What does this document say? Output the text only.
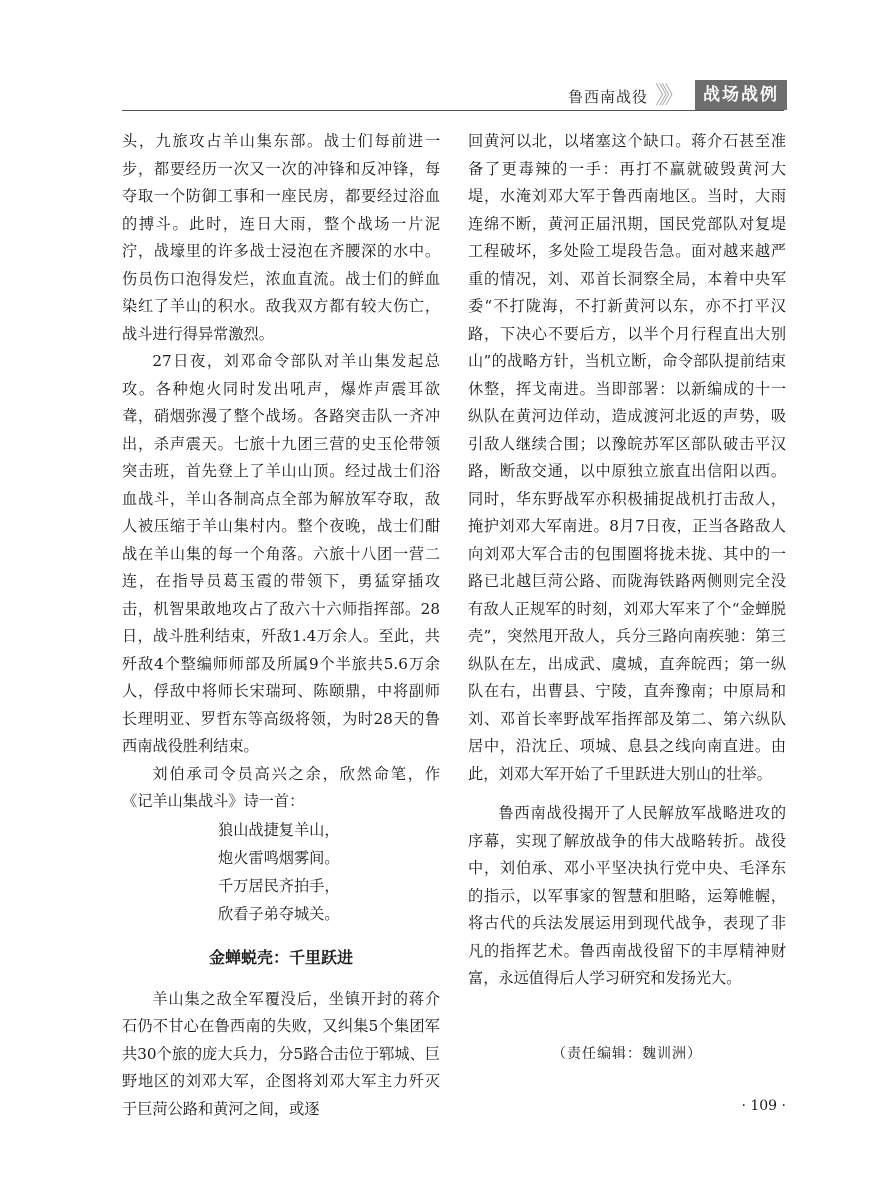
鲁西南战役 》》	战场战例

头，九旅攻占羊山集东部。战士们每前进一步，都要经历一次又一次的冲锋和反冲锋，每夺取一个防御工事和一座民房，都要经过浴血的搏斗。此时，连日大雨，整个战场一片泥泞，战壕里的许多战士浸泡在齐腰深的水中。伤员伤口泡得发烂，浓血直流。战士们的鲜血染红了羊山的积水。敌我双方都有较大伤亡，战斗进行得异常激烈。

27日夜，刘邓命令部队对羊山集发起总攻。各种炮火同时发出吼声，爆炸声震耳欲聋，硝烟弥漫了整个战场。各路突击队一齐冲出，杀声震天。七旅十九团三营的史玉伦带领突击班，首先登上了羊山山顶。经过战士们浴血战斗，羊山各制高点全部为解放军夺取，敌人被压缩于羊山集村内。整个夜晚，战士们酣战在羊山集的每一个角落。六旅十八团一营二连，在指导员葛玉霞的带领下，勇猛穿插攻击，机智果敢地攻占了敌六十六师指挥部。28日，战斗胜利结束，歼敌1.4万余人。至此，共歼敌4个整编师师部及所属9个半旅共5.6万余人，俘敌中将师长宋瑞珂、陈颐鼎，中将副师长理明亚、罗哲东等高级将领，为时28天的鲁西南战役胜利结束。

刘伯承司令员高兴之余，欣然命笔，作《记羊山集战斗》诗一首：

狼山战捷复羊山，
炮火雷鸣烟雾间。
千万居民齐拍手，
欣看子弟夺城关。
金蝉蜕壳：千里跃进

羊山集之敌全军覆没后，坐镇开封的蒋介石仍不甘心在鲁西南的失败，又纠集5个集团军共30个旅的庞大兵力，分5路合击位于郓城、巨野地区的刘邓大军，企图将刘邓大军主力歼灭于巨菏公路和黄河之间，或逐

回黄河以北，以堵塞这个缺口。蒋介石甚至准备了更毒辣的一手：再打不赢就破毁黄河大堤，水淹刘邓大军于鲁西南地区。当时，大雨连绵不断，黄河正届汛期，国民党部队对复堤工程破坏，多处险工堤段告急。面对越来越严重的情况，刘、邓首长洞察全局，本着中央军委“不打陇海，不打新黄河以东，亦不打平汉路，下决心不要后方，以半个月行程直出大别山”的战略方针，当机立断，命令部队提前结束休整，挥戈南进。当即部署：以新编成的十一纵队在黄河边佯动，造成渡河北返的声势，吸引敌人继续合围；以豫皖苏军区部队破击平汉路，断敌交通，以中原独立旅直出信阳以西。同时，华东野战军亦积极捕捉战机打击敌人，掩护刘邓大军南进。8月7日夜，正当各路敌人向刘邓大军合击的包围圈将拢未拢、其中的一路已北越巨菏公路、而陇海铁路两侧则完全没有敌人正规军的时刻，刘邓大军来了个“金蝉脱壳”，突然甩开敌人，兵分三路向南疾驰：第三纵队在左，出成武、虞城，直奔皖西；第一纵队在右，出曹县、宁陵，直奔豫南；中原局和刘、邓首长率野战军指挥部及第二、第六纵队居中，沿沈丘、项城、息县之线向南直进。由此，刘邓大军开始了千里跃进大别山的壮举。

鲁西南战役揭开了人民解放军战略进攻的序幕，实现了解放战争的伟大战略转折。战役中，刘伯承、邓小平坚决执行党中央、毛泽东的指示，以军事家的智慧和胆略，运筹帷幄，将古代的兵法发展运用到现代战争，表现了非凡的指挥艺术。鲁西南战役留下的丰厚精神财富，永远值得后人学习研究和发扬光大。

（责任编辑：魏训洲）
· 109 ·
